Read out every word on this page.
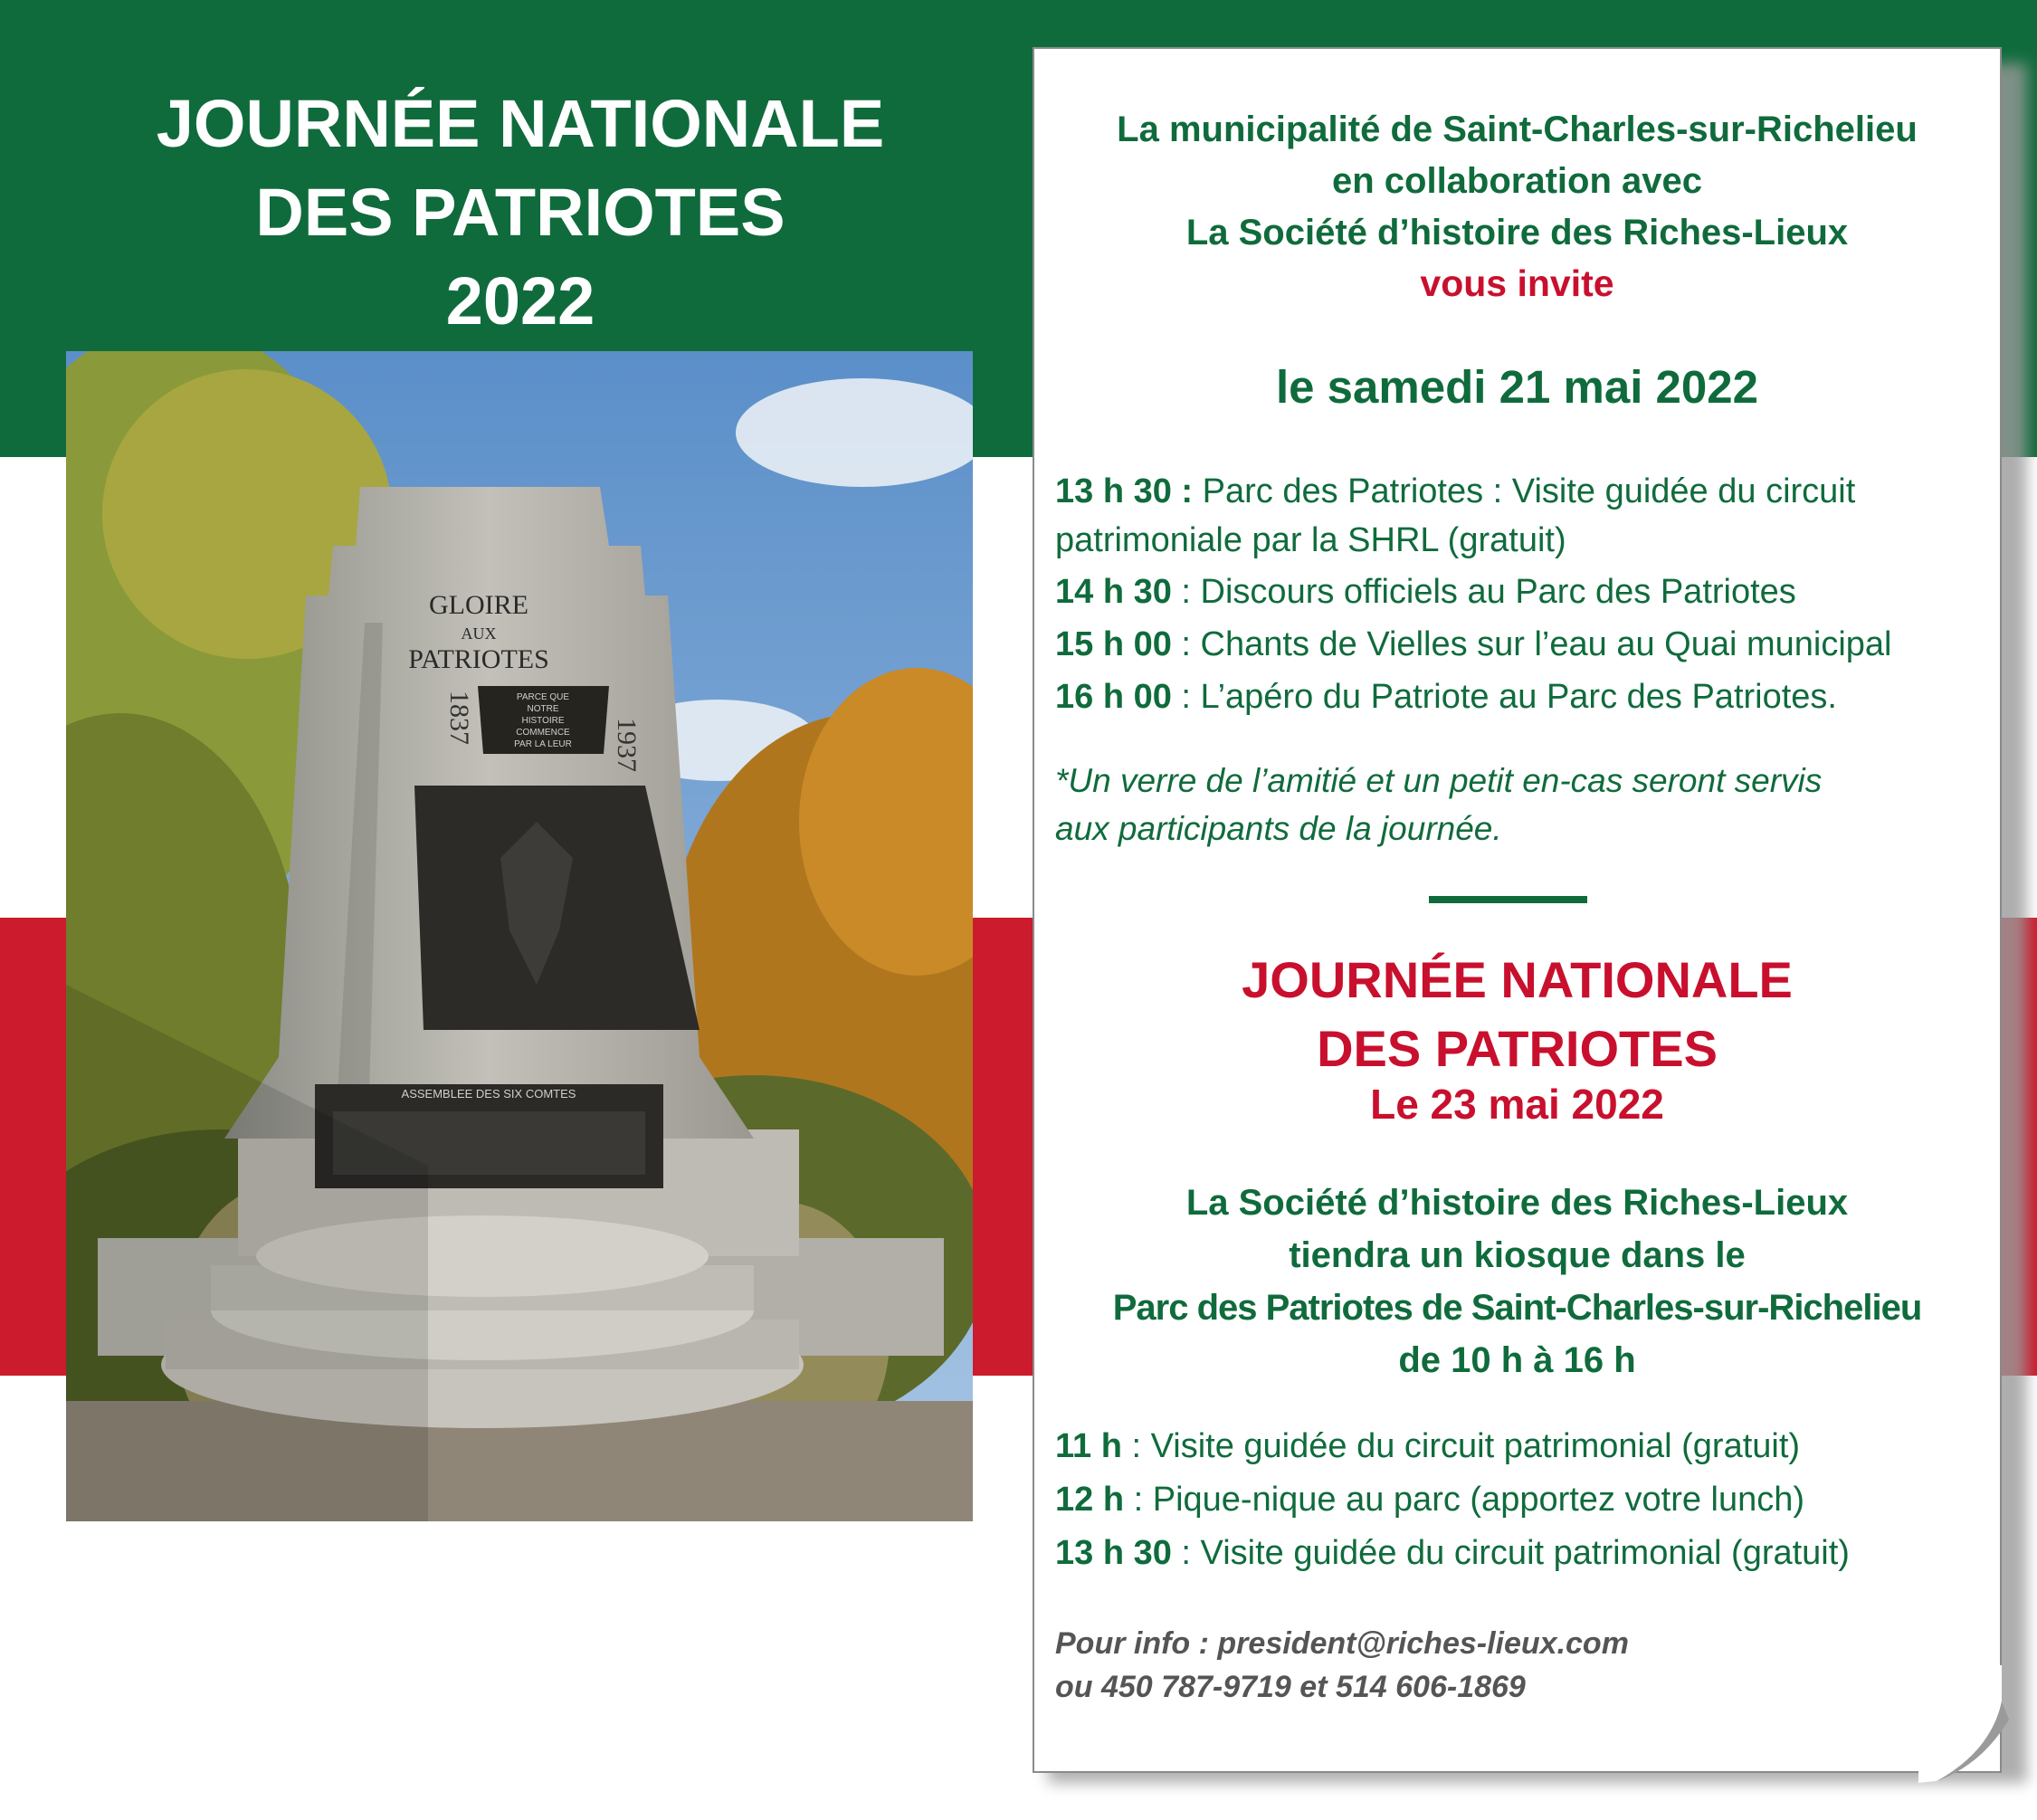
JOURNÉE NATIONALE
DES PATRIOTES
2022
GLOIRE
AUX
PATRIOTES
1837	1937
PARCE QUE
NOTRE
HISTOIRE
COMMENCE
PAR LA LEUR
ASSEMBLEE DES SIX COMTES
La municipalité de Saint-Charles-sur-Richelieu
en collaboration avec
La Société d’histoire des Riches-Lieux
vous invite
le samedi 21 mai 2022
13 h 30 : Parc des Patriotes : Visite guidée du circuit
patrimoniale par la SHRL (gratuit)
14 h 30 : Discours officiels au Parc des Patriotes
15 h 00 : Chants de Vielles sur l’eau au Quai municipal
16 h 00 : L’apéro du Patriote au Parc des Patriotes.
*Un verre de l’amitié et un petit en-cas seront servis
aux participants de la journée.
JOURNÉE NATIONALE
DES PATRIOTES
Le 23 mai 2022
La Société d’histoire des Riches-Lieux
tiendra un kiosque dans le
Parc des Patriotes de Saint-Charles-sur-Richelieu
de 10 h à 16 h
11 h : Visite guidée du circuit patrimonial (gratuit)
12 h : Pique-nique au parc (apportez votre lunch)
13 h 30 : Visite guidée du circuit patrimonial (gratuit)
Pour info : president@riches-lieux.com
ou 450 787-9719 et 514 606-1869
